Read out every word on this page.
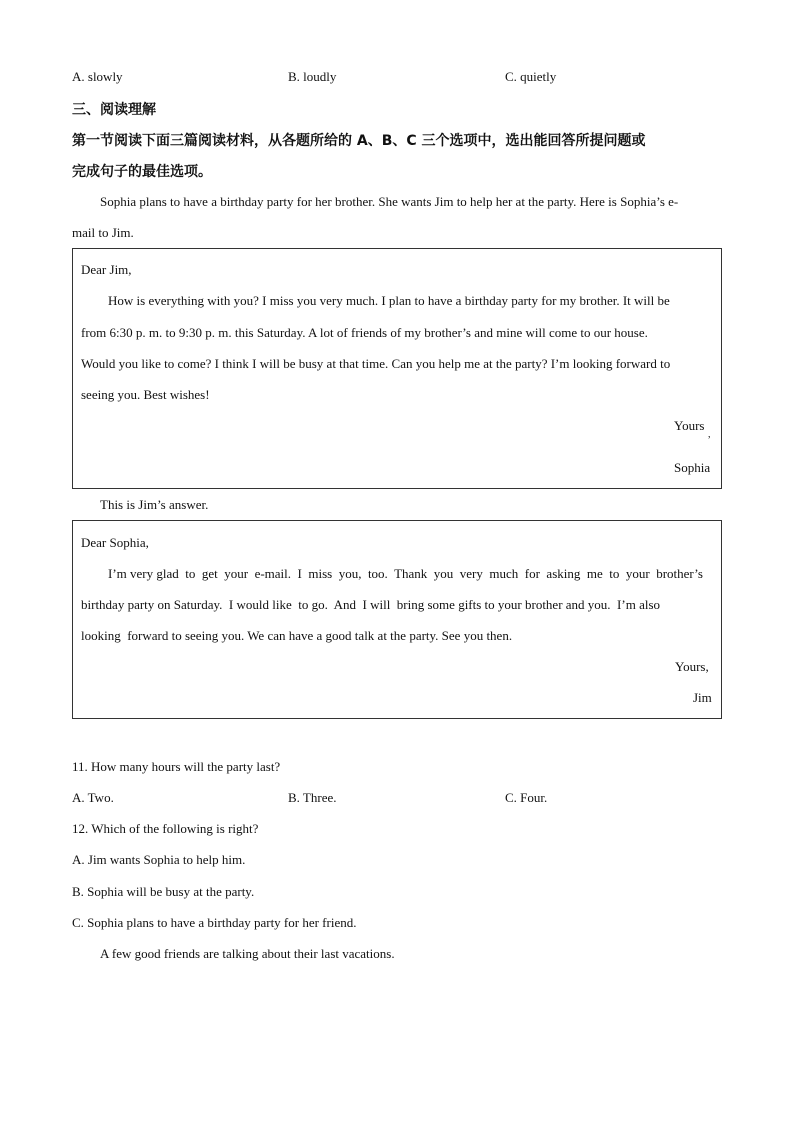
A. slowly	B. loudly	C. quietly
三、阅读理解
第一节阅读下面三篇阅读材料，从各题所给的 A、B、C 三个选项中，选出能回答所提问题或
完成句子的最佳选项。
Sophia plans to have a birthday party for her brother. She wants Jim to help her at the party. Here is Sophia’s e-
mail to Jim.
Dear Jim,
How is everything with you? I miss you very much. I plan to have a birthday party for my brother. It will be
from 6:30 p. m. to 9:30 p. m. this Saturday. A lot of friends of my brother’s and mine will come to our house.
Would you like to come? I think I will be busy at that time. Can you help me at the party? I’m looking forward to
seeing you. Best wishes!
Yours
,
Sophia
This is Jim’s answer.
Dear Sophia,
I’m very glad  to  get  your  e-mail.  I  miss  you,  too.  Thank  you  very  much  for  asking  me  to  your  brother’s
birthday party on Saturday.  I would like  to go.  And  I will  bring some gifts to your brother and you.  I’m also
looking  forward to seeing you. We can have a good talk at the party. See you then.
Yours,
Jim
11. How many hours will the party last?
A. Two.	B. Three.	C. Four.
12. Which of the following is right?
A. Jim wants Sophia to help him.
B. Sophia will be busy at the party.
C. Sophia plans to have a birthday party for her friend.
A few good friends are talking about their last vacations.
